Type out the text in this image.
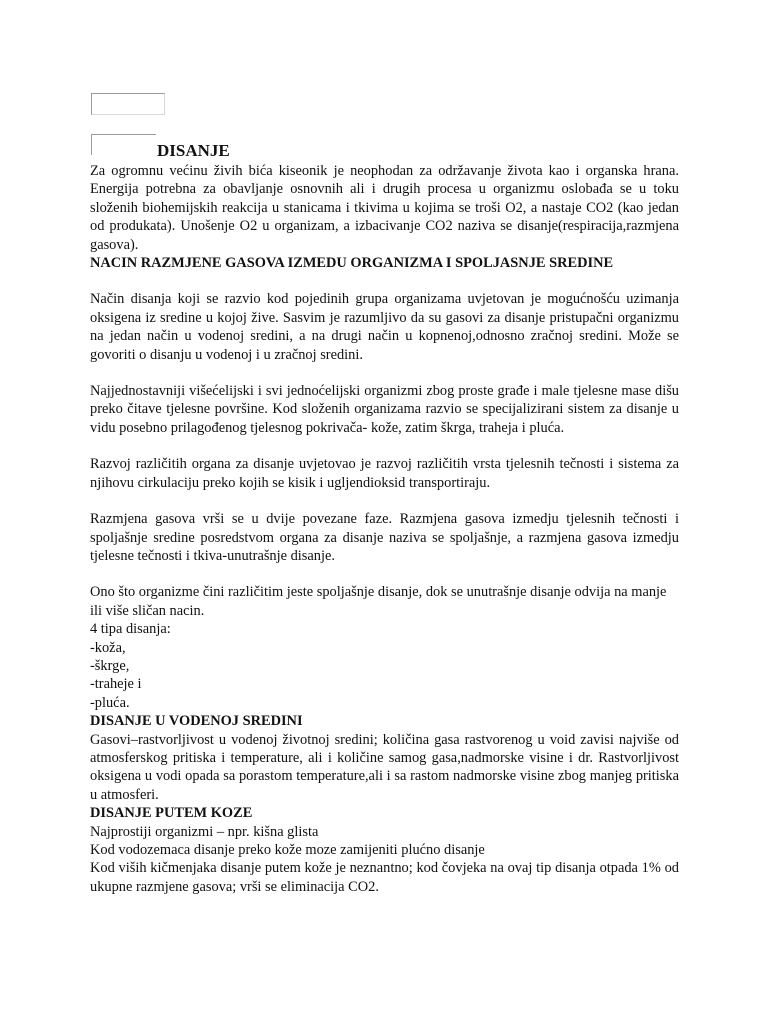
DISANJE

Za ogromnu većinu živih bića kiseonik je neophodan za održavanje života kao i organska hrana. Energija potrebna za obavljanje osnovnih ali i drugih procesa u organizmu oslobađa se u toku složenih biohemijskih reakcija u stanicama i tkivima u kojima se troši O2, a nastaje CO2 (kao jedan od produkata). Unošenje O2 u organizam, a izbacivanje CO2 naziva se disanje(respiracija,razmjena gasova).

NACIN RAZMJENE GASOVA IZMEDU ORGANIZMA I SPOLJASNJE SREDINE

Način disanja koji se razvio kod pojedinih grupa organizama uvjetovan je mogućnošću uzimanja oksigena iz sredine u kojoj žive. Sasvim je razumljivo da su gasovi za disanje pristupačni organizmu na jedan način u vodenoj sredini, a na drugi način u kopnenoj,odnosno zračnoj sredini. Može se govoriti o disanju u vodenoj i u zračnoj sredini.

Najjednostavniji višećelijski i svi jednoćelijski organizmi zbog proste građe i male tjelesne mase dišu preko čitave tjelesne površine. Kod složenih organizama razvio se specijalizirani sistem za disanje u vidu posebno prilagođenog tjelesnog pokrivača- kože, zatim škrga, traheja i pluća.

Razvoj različitih organa za disanje uvjetovao je razvoj različitih vrsta tjelesnih tečnosti i sistema za njihovu cirkulaciju preko kojih se kisik i ugljendioksid transportiraju.

Razmjena gasova vrši se u dvije povezane faze. Razmjena gasova izmedju tjelesnih tečnosti i spoljašnje sredine posredstvom organa za disanje naziva se spoljašnje, a razmjena gasova izmedju tjelesne tečnosti i tkiva-unutrašnje disanje.

Ono što organizme čini različitim jeste spoljašnje disanje, dok se unutrašnje disanje odvija na manje ili više sličan nacin.

4 tipa disanja:

-koža,

-škrge,

-traheje i

-pluća.

DISANJE U VODENOJ SREDINI

Gasovi–rastvorljivost u vodenoj životnoj sredini; količina gasa rastvorenog u void zavisi najviše od atmosferskog pritiska i temperature, ali i količine samog gasa,nadmorske visine i dr. Rastvorljivost oksigena u vodi opada sa porastom temperature,ali i sa rastom nadmorske visine zbog manjeg pritiska u atmosferi.

DISANJE PUTEM KOZE

Najprostiji organizmi – npr. kišna glista

Kod vodozemaca disanje preko kože moze zamijeniti plućno disanje

Kod viših kičmenjaka disanje putem kože je neznantno; kod čovjeka na ovaj tip disanja otpada 1% od ukupne razmjene gasova; vrši se eliminacija CO2.
